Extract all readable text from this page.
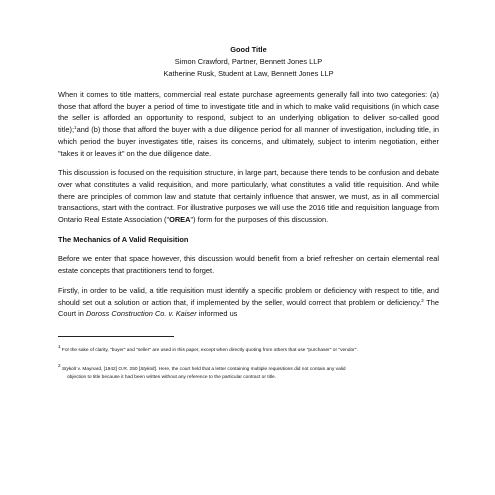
Good Title
Simon Crawford, Partner, Bennett Jones LLP
Katherine Rusk, Student at Law, Bennett Jones LLP

When it comes to title matters, commercial real estate purchase agreements generally fall into two categories: (a) those that afford the buyer a period of time to investigate title and in which to make valid requisitions (in which case the seller is afforded an opportunity to respond, subject to an underlying obligation to deliver so-called good title);$^1$and (b) those that afford the buyer with a due diligence period for all manner of investigation, including title, in which period the buyer investigates title, raises its concerns, and ultimately, subject to interim negotiation, either "takes it or leaves it" on the due diligence date.

This discussion is focused on the requisition structure, in large part, because there tends to be confusion and debate over what constitutes a valid requisition, and more particularly, what constitutes a valid title requisition. And while there are principles of common law and statute that certainly influence that answer, we must, as in all commercial transactions, start with the contract. For illustrative purposes we will use the 2016 title and requisition language from Ontario Real Estate Association ("OREA") form for the purposes of this discussion.

The Mechanics of A Valid Requisition

Before we enter that space however, this discussion would benefit from a brief refresher on certain elemental real estate concepts that practitioners tend to forget.

Firstly, in order to be valid, a title requisition must identify a specific problem or deficiency with respect to title, and should set out a solution or action that, if implemented by the seller, would correct that problem or deficiency.$^2$ The Court in Doross Construction Co. v. Kaiser informed us

$^1$ For the sake of clarity, "buyer" and "seller" are used in this paper, except when directly quoting from others that use "purchaser" or "vendor".

$^2$ Stykolt v. Maynard, [1942] O.R. 250 [Stykolt]. Here, the court held that a letter containing multiple requisitions did not contain any valid
objection to title because it had been written without any reference to the particular contract or title.
